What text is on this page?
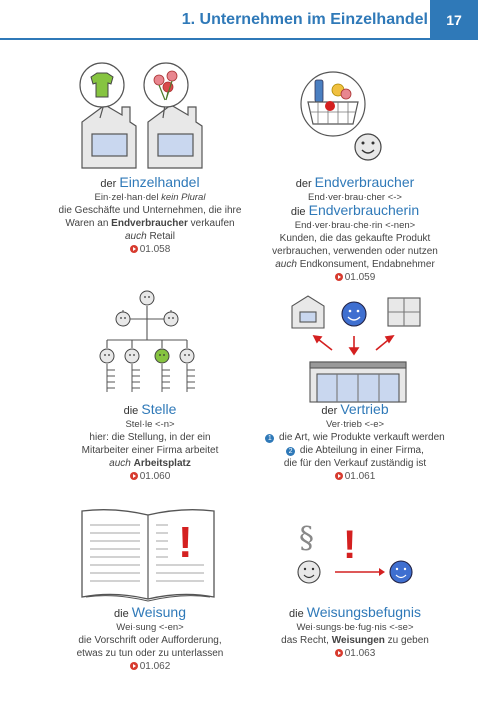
1. Unternehmen im Einzelhandel	17
!	§ !
der Einzelhandel
Ein·zel·han·del kein Plural
die Geschäfte und Unternehmen, die ihre
Waren an Endverbraucher verkaufen
auch Retail
01.058
der Endverbraucher
End·ver·brau·cher <->
die Endverbraucherin
End·ver·brau·che·rin <-nen>
Kunden, die das gekaufte Produkt
verbrauchen, verwenden oder nutzen
auch Endkonsument, Endabnehmer
01.059
die Stelle
Stel·le <-n>
hier: die Stellung, in der ein
Mitarbeiter einer Firma arbeitet
auch Arbeitsplatz
01.060
der Vertrieb
Ver·trieb <-e>
1 die Art, wie Produkte verkauft werden
2 die Abteilung in einer Firma,
die für den Verkauf zuständig ist
01.061
die Weisung
Wei·sung <-en>
die Vorschrift oder Aufforderung,
etwas zu tun oder zu unterlassen
01.062
die Weisungsbefugnis
Wei·sungs·be·fug·nis <-se>
das Recht, Weisungen zu geben
01.063
